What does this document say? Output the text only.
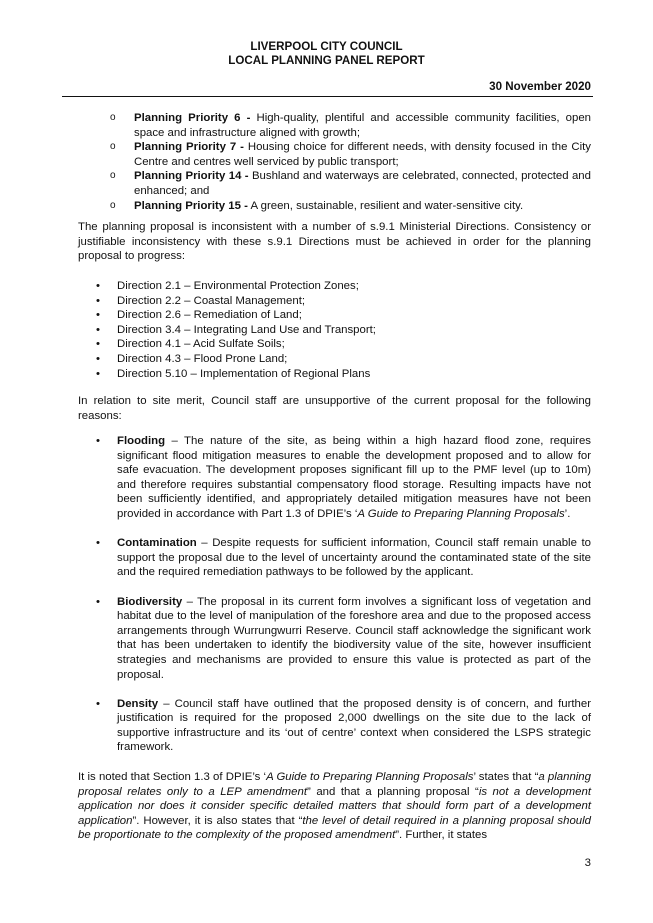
LIVERPOOL CITY COUNCIL
LOCAL PLANNING PANEL REPORT
30 November 2020
o Planning Priority 6 - High-quality, plentiful and accessible community facilities, open space and infrastructure aligned with growth;
o Planning Priority 7 - Housing choice for different needs, with density focused in the City Centre and centres well serviced by public transport;
o Planning Priority 14 - Bushland and waterways are celebrated, connected, protected and enhanced; and
o Planning Priority 15 - A green, sustainable, resilient and water-sensitive city.

The planning proposal is inconsistent with a number of s.9.1 Ministerial Directions. Consistency or justifiable inconsistency with these s.9.1 Directions must be achieved in order for the planning proposal to progress:

• Direction 2.1 – Environmental Protection Zones;
• Direction 2.2 – Coastal Management;
• Direction 2.6 – Remediation of Land;
• Direction 3.4 – Integrating Land Use and Transport;
• Direction 4.1 – Acid Sulfate Soils;
• Direction 4.3 – Flood Prone Land;
• Direction 5.10 – Implementation of Regional Plans

In relation to site merit, Council staff are unsupportive of the current proposal for the following reasons:

• Flooding – The nature of the site, as being within a high hazard flood zone, requires significant flood mitigation measures to enable the development proposed and to allow for safe evacuation. The development proposes significant fill up to the PMF level (up to 10m) and therefore requires substantial compensatory flood storage. Resulting impacts have not been sufficiently identified, and appropriately detailed mitigation measures have not been provided in accordance with Part 1.3 of DPIE’s ‘A Guide to Preparing Planning Proposals’.
• Contamination – Despite requests for sufficient information, Council staff remain unable to support the proposal due to the level of uncertainty around the contaminated state of the site and the required remediation pathways to be followed by the applicant.
• Biodiversity – The proposal in its current form involves a significant loss of vegetation and habitat due to the level of manipulation of the foreshore area and due to the proposed access arrangements through Wurrungwurri Reserve. Council staff acknowledge the significant work that has been undertaken to identify the biodiversity value of the site, however insufficient strategies and mechanisms are provided to ensure this value is protected as part of the proposal.
• Density – Council staff have outlined that the proposed density is of concern, and further justification is required for the proposed 2,000 dwellings on the site due to the lack of supportive infrastructure and its ‘out of centre’ context when considered the LSPS strategic framework.

It is noted that Section 1.3 of DPIE’s ‘A Guide to Preparing Planning Proposals’ states that “a planning proposal relates only to a LEP amendment” and that a planning proposal “is not a development application nor does it consider specific detailed matters that should form part of a development application”. However, it is also states that “the level of detail required in a planning proposal should be proportionate to the complexity of the proposed amendment”. Further, it states

3
